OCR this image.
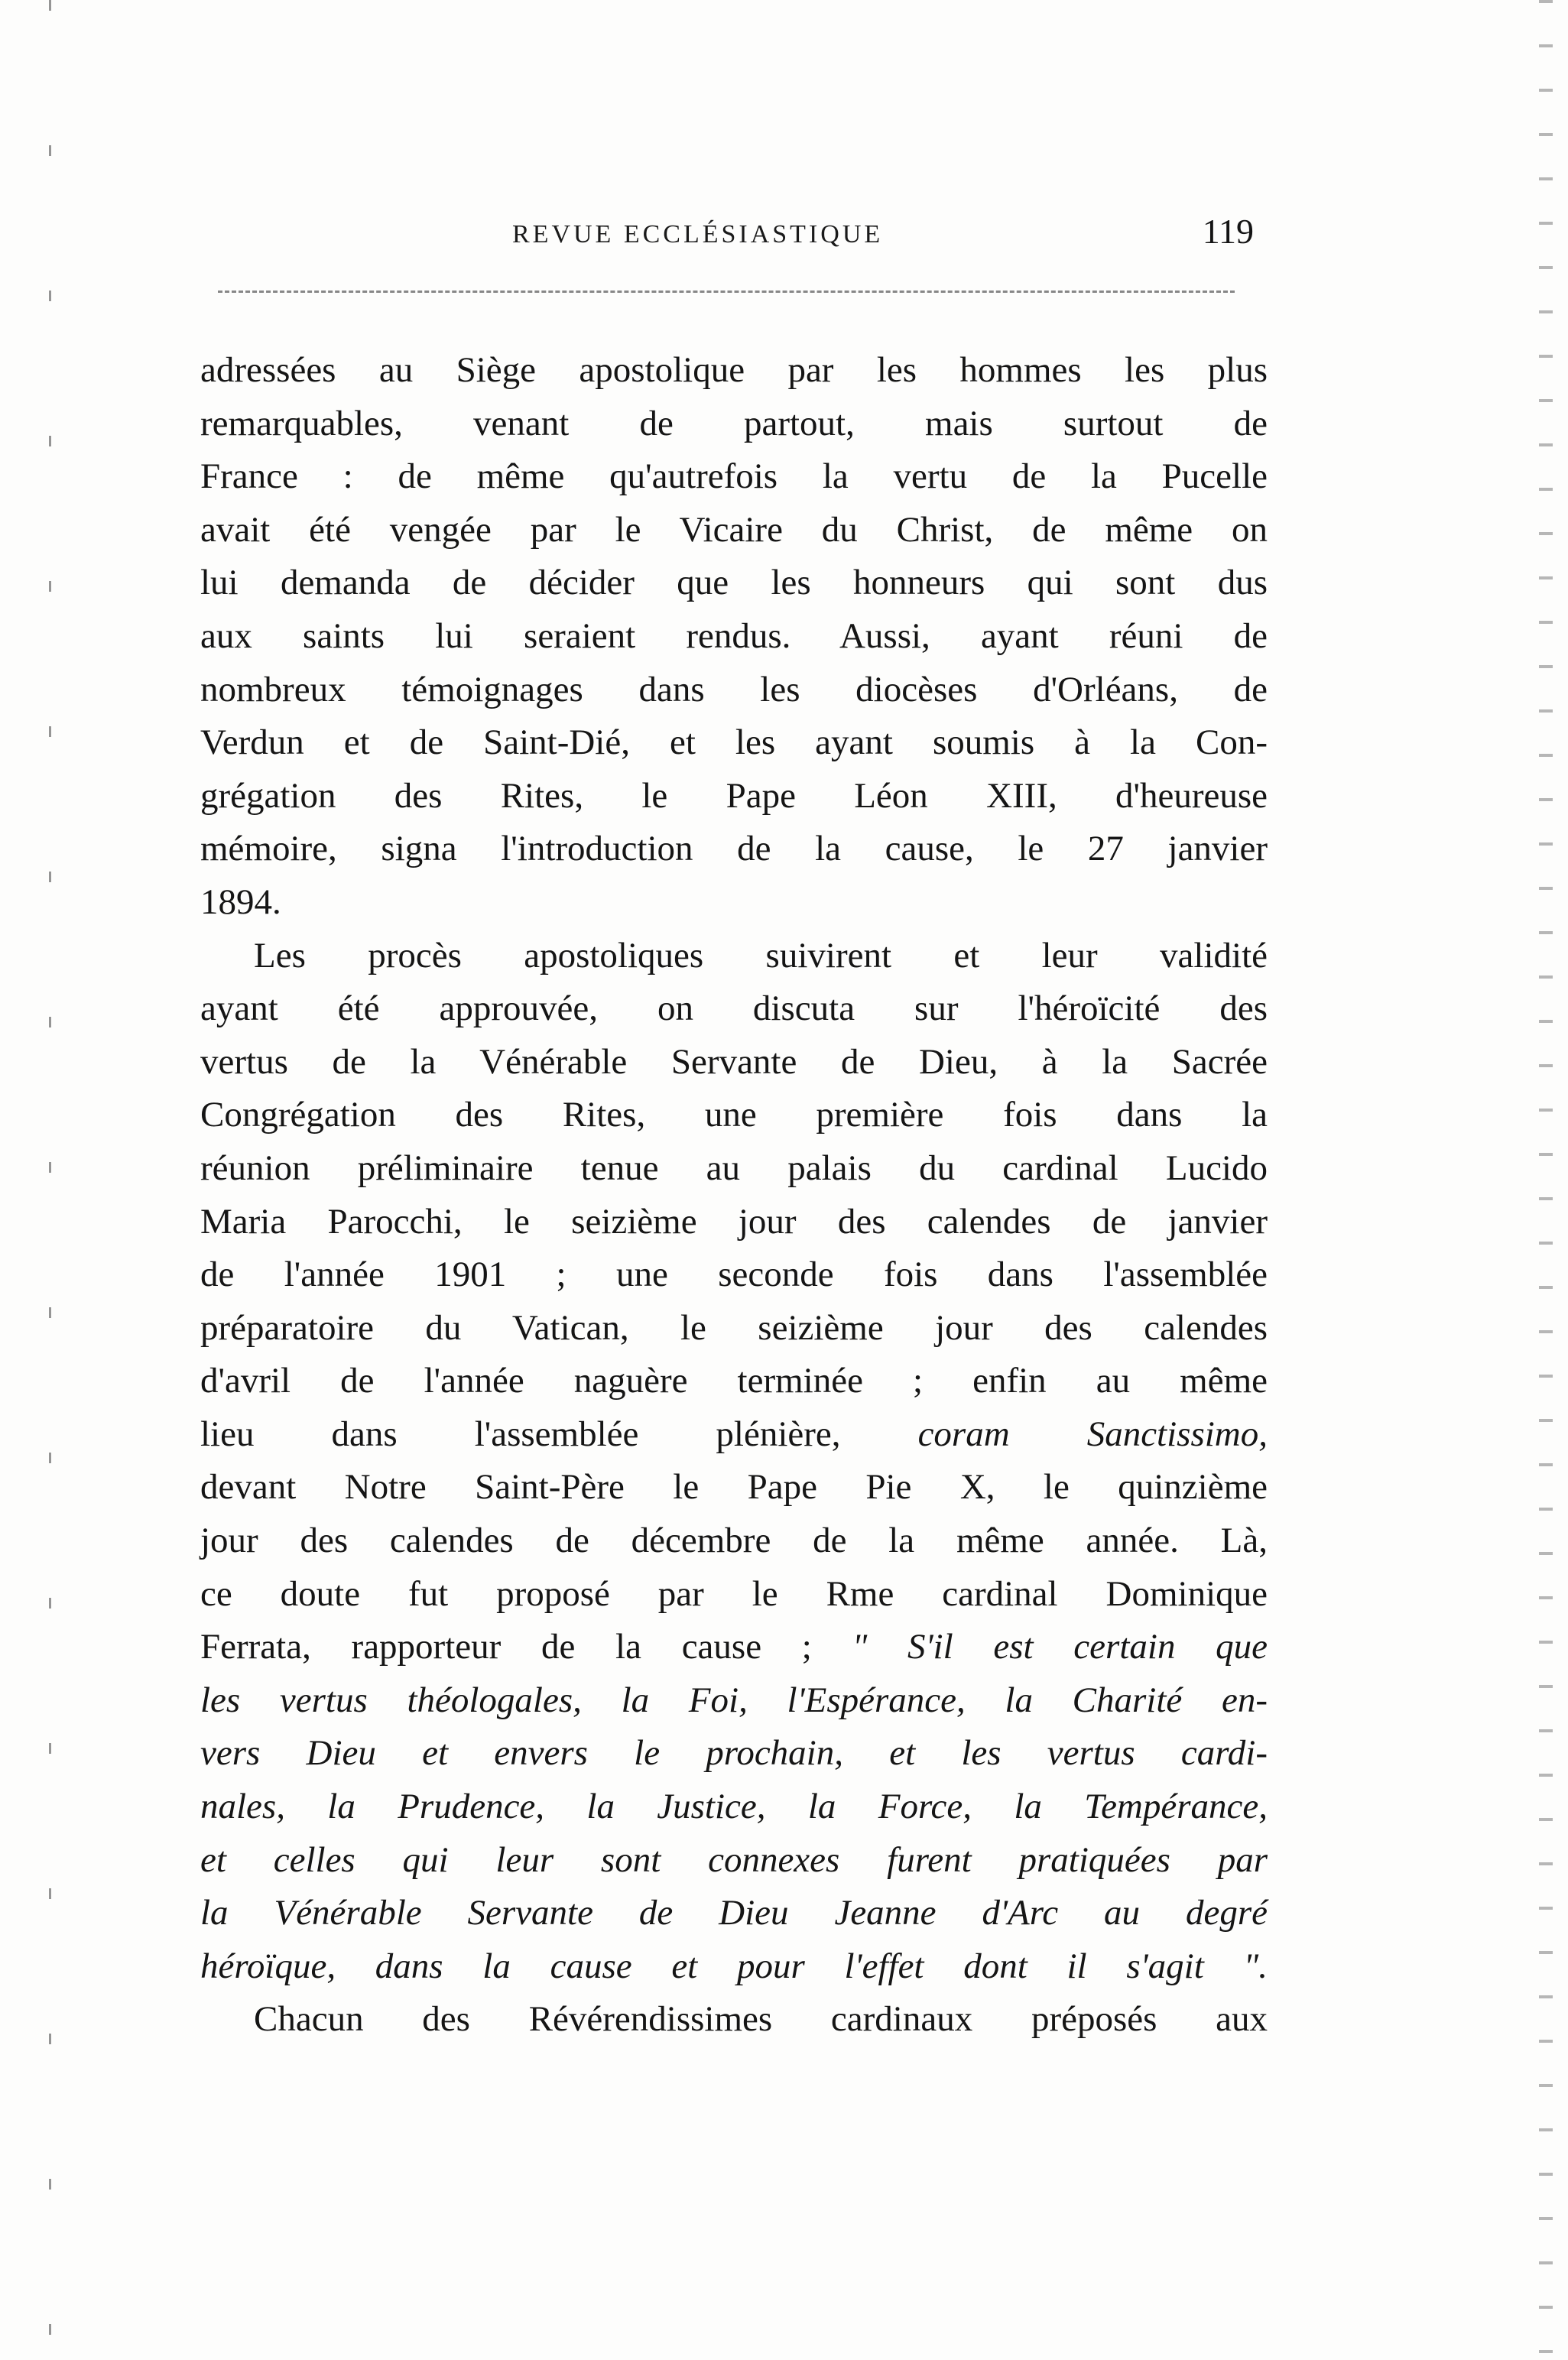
REVUE ECCLÉSIASTIQUE	119
adressées au Siège apostolique par les hommes les plus
remarquables, venant de partout, mais surtout de
France : de même qu'autrefois la vertu de la Pucelle
avait été vengée par le Vicaire du Christ, de même on
lui demanda de décider que les honneurs qui sont dus
aux saints lui seraient rendus. Aussi, ayant réuni de
nombreux témoignages dans les diocèses d'Orléans, de
Verdun et de Saint-Dié, et les ayant soumis à la Con-
grégation des Rites, le Pape Léon XIII, d'heureuse
mémoire, signa l'introduction de la cause, le 27 janvier
1894.
Les procès apostoliques suivirent et leur validité
ayant été approuvée, on discuta sur l'héroïcité des
vertus de la Vénérable Servante de Dieu, à la Sacrée
Congrégation des Rites, une première fois dans la
réunion préliminaire tenue au palais du cardinal Lucido
Maria Parocchi, le seizième jour des calendes de janvier
de l'année 1901 ; une seconde fois dans l'assemblée
préparatoire du Vatican, le seizième jour des calendes
d'avril de l'année naguère terminée ; enfin au même
lieu dans l'assemblée plénière, coram Sanctissimo,
devant Notre Saint-Père le Pape Pie X, le quinzième
jour des calendes de décembre de la même année. Là,
ce doute fut proposé par le Rme cardinal Dominique
Ferrata, rapporteur de la cause ; " S'il est certain que
les vertus théologales, la Foi, l'Espérance, la Charité en-
vers Dieu et envers le prochain, et les vertus cardi-
nales, la Prudence, la Justice, la Force, la Tempérance,
et celles qui leur sont connexes furent pratiquées par
la Vénérable Servante de Dieu Jeanne d'Arc au degré
héroïque, dans la cause et pour l'effet dont il s'agit ".
Chacun des Révérendissimes cardinaux préposés aux
